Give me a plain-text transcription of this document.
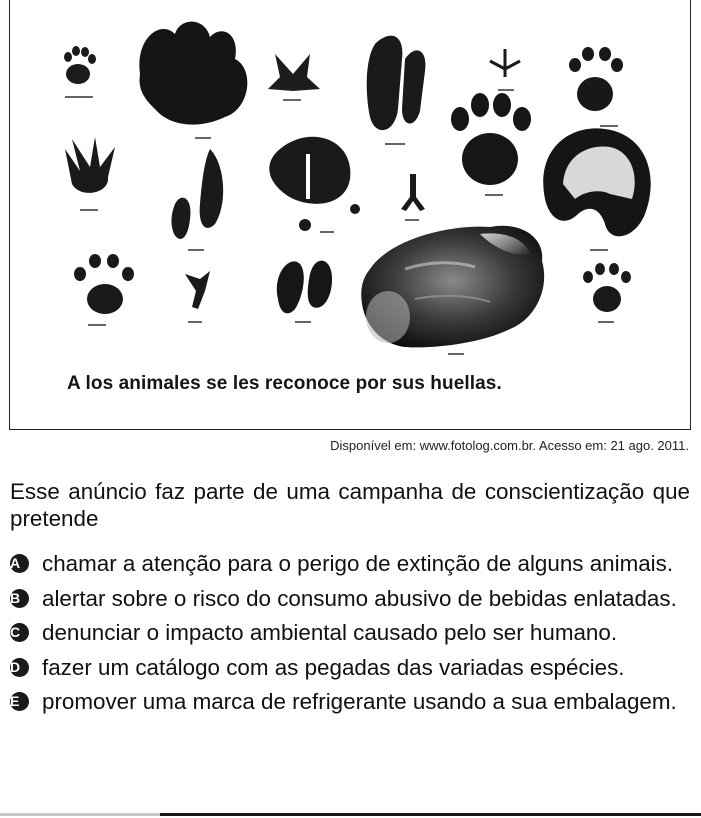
A los animales se les reconoce por sus huellas.
Disponível em: www.fotolog.com.br. Acesso em: 21 ago. 2011.

Esse anúncio faz parte de uma campanha de conscientização que pretende

A chamar a atenção para o perigo de extinção de alguns animais.
B alertar sobre o risco do consumo abusivo de bebidas enlatadas.
C denunciar o impacto ambiental causado pelo ser humano.
D fazer um catálogo com as pegadas das variadas espécies.
E	promover uma marca de refrigerante usando a sua embalagem.
